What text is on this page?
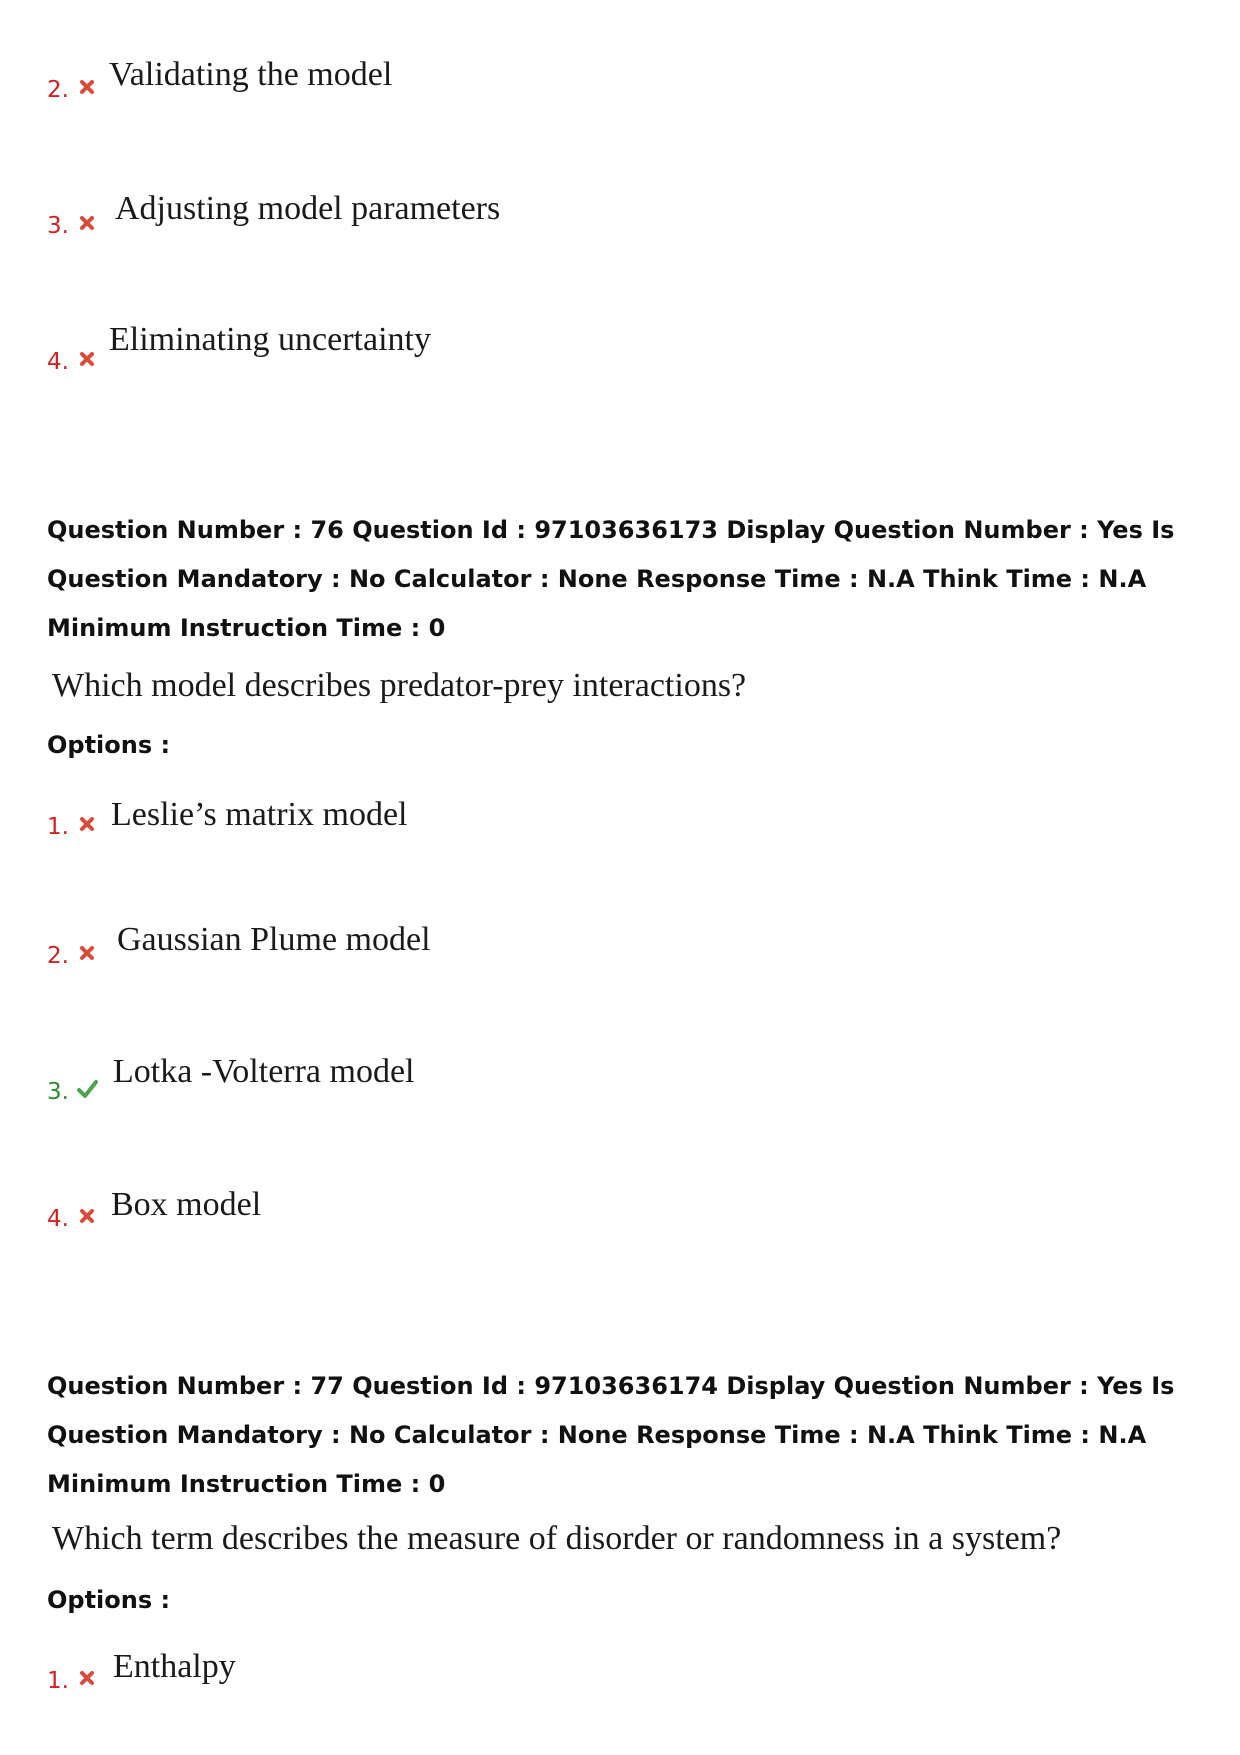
2. Validating the model
3. Adjusting model parameters
4.
Eliminating uncertainty
Question Number : 76 Question Id : 97103636173 Display Question Number : Yes Is Question Mandatory : No Calculator : None Response Time : N.A Think Time : N.A Minimum Instruction Time : 0
Which model describes predator-prey interactions?
Options :
1. Leslie’s matrix model
2. Gaussian Plume model
3.
Lotka -Volterra model
4. Box model
Question Number : 77 Question Id : 97103636174 Display Question Number : Yes Is Question Mandatory : No Calculator : None Response Time : N.A Think Time : N.A Minimum Instruction Time : 0
Which term describes the measure of disorder or randomness in a system?
Options :
1. Enthalpy
